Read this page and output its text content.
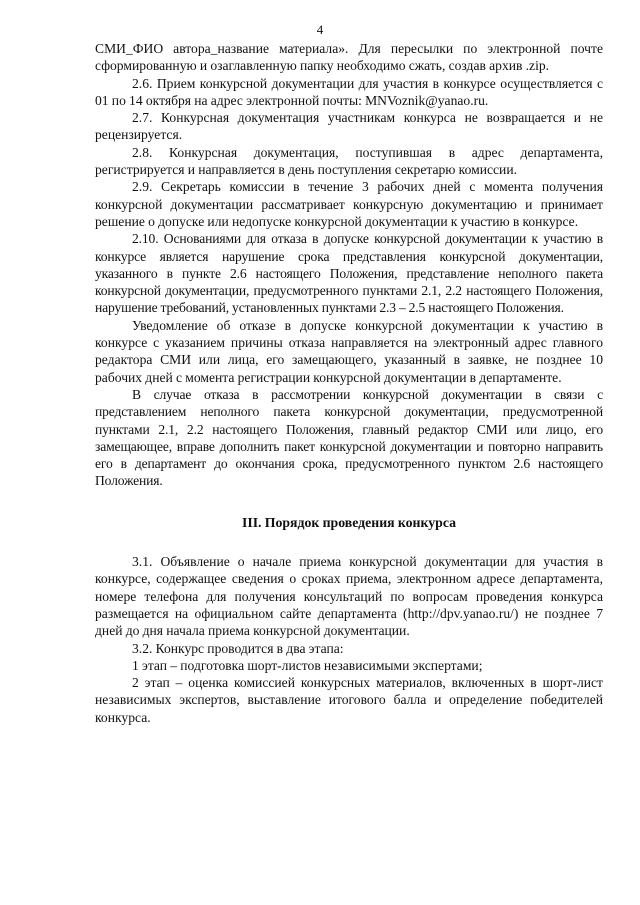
4

СМИ_ФИО автора_название материала». Для пересылки по электронной почте сформированную и озаглавленную папку необходимо сжать, создав архив .zip.

2.6. Прием конкурсной документации для участия в конкурсе осуществляется с 01 по 14 октября на адрес электронной почты: MNVoznik@yanao.ru.

2.7. Конкурсная документация участникам конкурса не возвращается и не рецензируется.

2.8. Конкурсная документация, поступившая в адрес департамента, регистрируется и направляется в день поступления секретарю комиссии.

2.9. Секретарь комиссии в течение 3 рабочих дней с момента получения конкурсной документации рассматривает конкурсную документацию и принимает решение о допуске или недопуске конкурсной документации к участию в конкурсе.

2.10. Основаниями для отказа в допуске конкурсной документации к участию в конкурсе является нарушение срока представления конкурсной документации, указанного в пункте 2.6 настоящего Положения, представление неполного пакета конкурсной документации, предусмотренного пунктами 2.1, 2.2 настоящего Положения, нарушение требований, установленных пунктами 2.3 – 2.5 настоящего Положения.

Уведомление об отказе в допуске конкурсной документации к участию в конкурсе с указанием причины отказа направляется на электронный адрес главного редактора СМИ или лица, его замещающего, указанный в заявке, не позднее 10 рабочих дней с момента регистрации конкурсной документации в департаменте.

В случае отказа в рассмотрении конкурсной документации в связи с представлением неполного пакета конкурсной документации, предусмотренной пунктами 2.1, 2.2 настоящего Положения, главный редактор СМИ или лицо, его замещающее, вправе дополнить пакет конкурсной документации и повторно направить его в департамент до окончания срока, предусмотренного пунктом 2.6 настоящего Положения.

III. Порядок проведения конкурса

3.1. Объявление о начале приема конкурсной документации для участия в конкурсе, содержащее сведения о сроках приема, электронном адресе департамента, номере телефона для получения консультаций по вопросам проведения конкурса размещается на официальном сайте департамента (http://dpv.yanao.ru/) не позднее 7 дней до дня начала приема конкурсной документации.

3.2. Конкурс проводится в два этапа:

1 этап – подготовка шорт-листов независимыми экспертами;

2 этап – оценка комиссией конкурсных материалов, включенных в шорт-лист независимых экспертов, выставление итогового балла и определение победителей конкурса.
